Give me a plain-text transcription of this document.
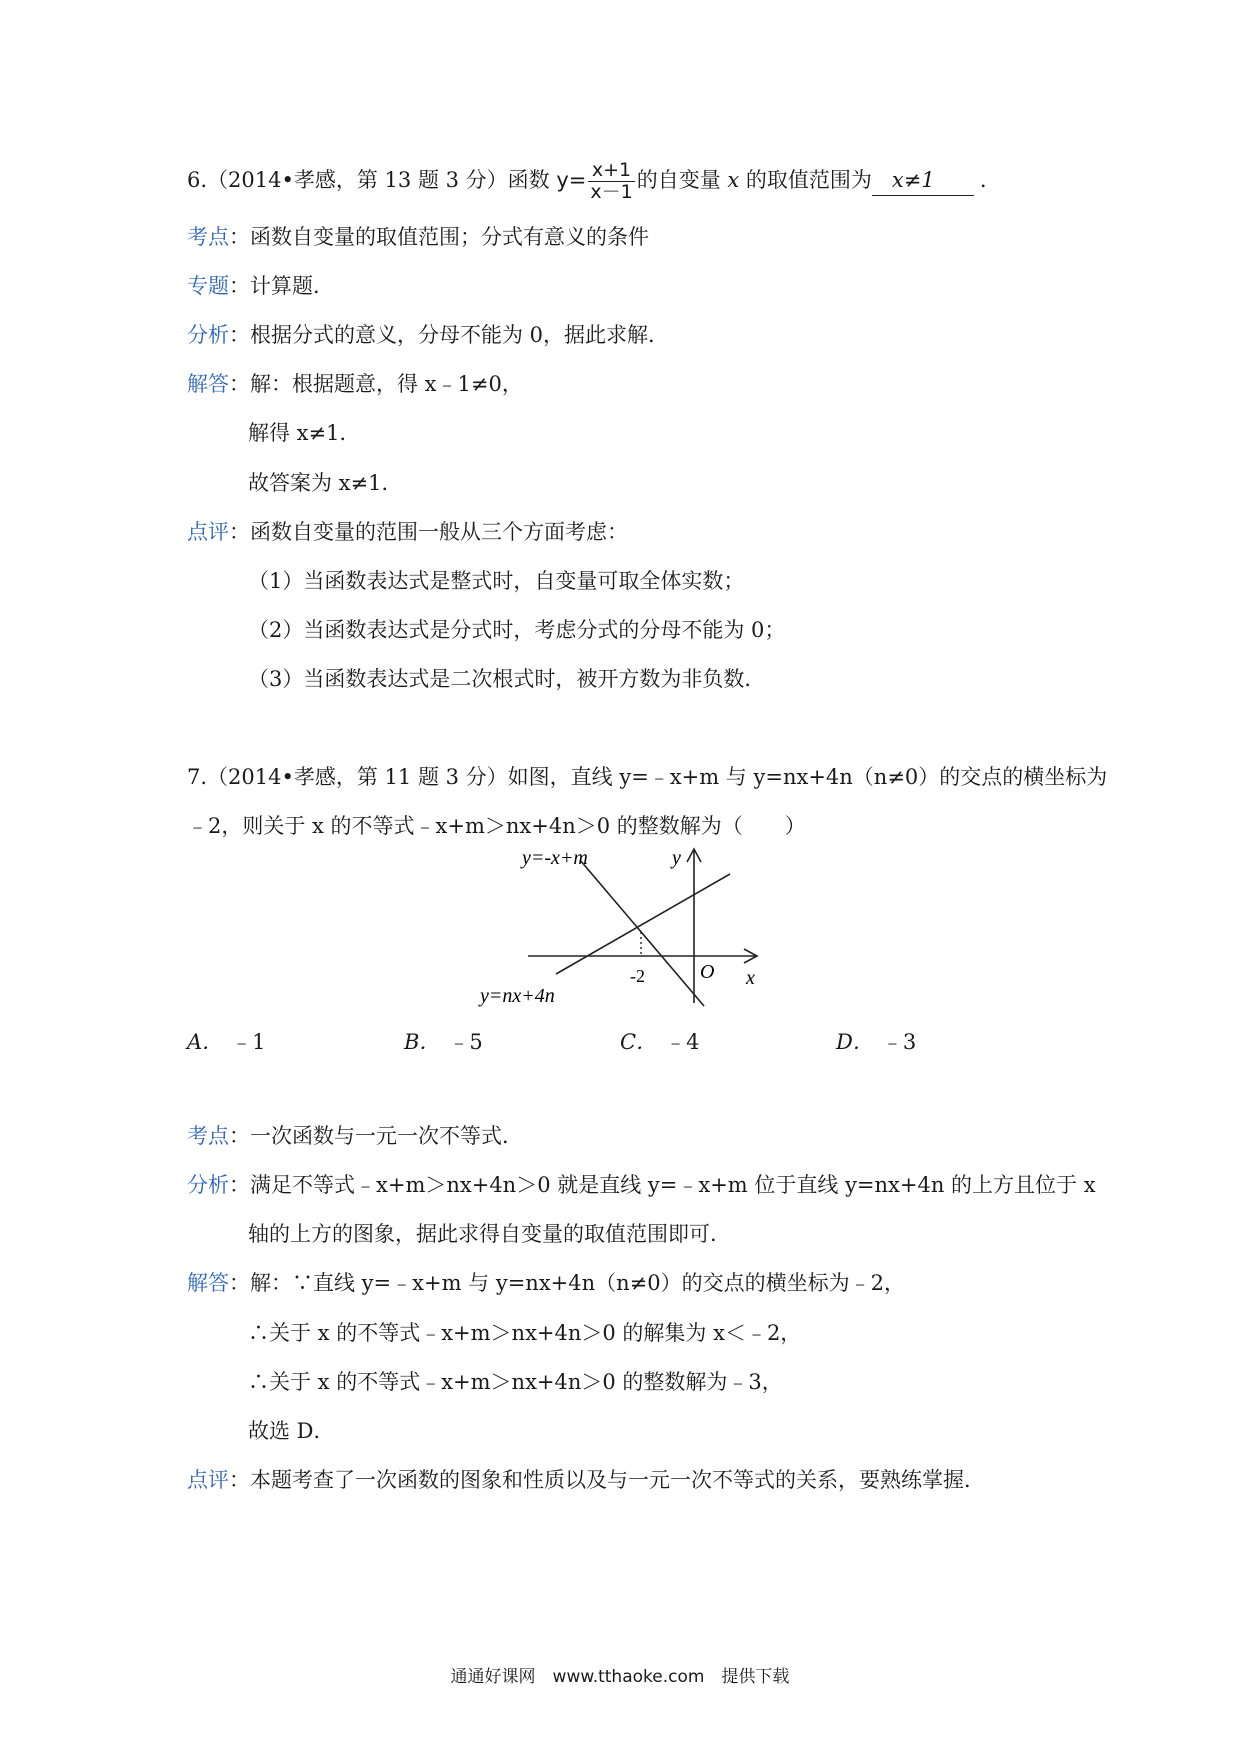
6.（2014•孝感，第 13 题 3 分）函数 $y= \frac{x+1}{x-1}$ 的自变量 x 的取值范围为 x≠1 .
考点：函数自变量的取值范围；分式有意义的条件
专题：计算题．
分析：根据分式的意义，分母不能为 0，据此求解．
解答：解：根据题意，得 x﹣1≠0，
解得 x≠1．
故答案为 x≠1．
点评：函数自变量的范围一般从三个方面考虑：
（1）当函数表达式是整式时，自变量可取全体实数；
（2）当函数表达式是分式时，考虑分式的分母不能为 0；
（3）当函数表达式是二次根式时，被开方数为非负数．
7.（2014•孝感，第 11 题 3 分）如图，直线 y=﹣x+m 与 y=nx+4n（n≠0）的交点的横坐标为
﹣2，则关于 x 的不等式﹣x+m＞nx+4n＞0 的整数解为（　　）
y=-x+m
y=nx+4n
y
x
O
-2
A． ﹣1	B． ﹣5	C． ﹣4	D． ﹣3
考点：一次函数与一元一次不等式．
分析：满足不等式﹣x+m＞nx+4n＞0 就是直线 y=﹣x+m 位于直线 y=nx+4n 的上方且位于 x
轴的上方的图象，据此求得自变量的取值范围即可．
解答：解：∵直线 y=﹣x+m 与 y=nx+4n（n≠0）的交点的横坐标为﹣2，
∴关于 x 的不等式﹣x+m＞nx+4n＞0 的解集为 x＜﹣2，
∴关于 x 的不等式﹣x+m＞nx+4n＞0 的整数解为﹣3，
故选 D．
点评：本题考查了一次函数的图象和性质以及与一元一次不等式的关系，要熟练掌握．
通通好课网　www.tthaoke.com　提供下载
